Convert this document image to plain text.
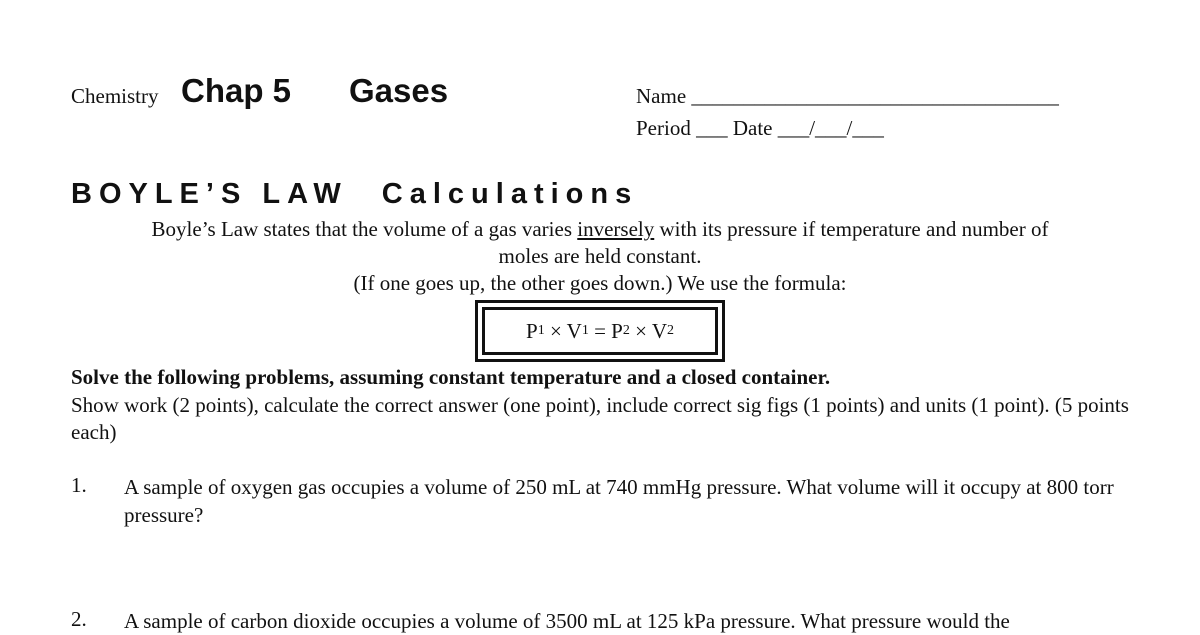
Chemistry Chap 5 Gases	Name ___________________________________
Period ___ Date ___/___/___
BOYLE’S LAW Calculations
Boyle’s Law states that the volume of a gas varies inversely with its pressure if temperature and number of
moles are held constant.
(If one goes up, the other goes down.) We use the formula:
P 1 × V 1 = P 2 × V 2
Solve the following problems, assuming constant temperature and a closed container.
Show work (2 points), calculate the correct answer (one point), include correct sig figs (1 points) and units (1 point). (5 points each)
1. A sample of oxygen gas occupies a volume of 250 mL at 740 mmHg pressure. What volume will it occupy at 800 torr pressure?
2. A sample of carbon dioxide occupies a volume of 3500 mL at 125 kPa pressure. What pressure would the
